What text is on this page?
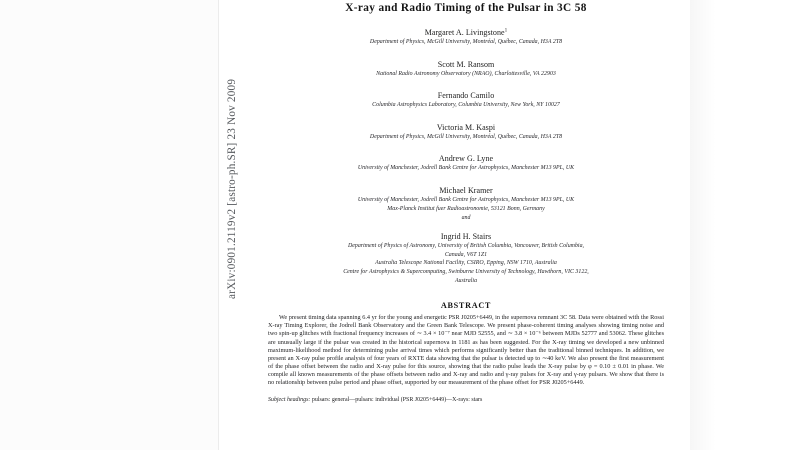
arXiv:0901.2119v2 [astro-ph.SR] 23 Nov 2009
X-ray and Radio Timing of the Pulsar in 3C 58
Margaret A. Livingstone$^1$
Department of Physics, McGill University, Montréal, Québec, Canada, H3A 2T8
Scott M. Ransom
National Radio Astronomy Observatory (NRAO), Charlottesville, VA 22903
Fernando Camilo
Columbia Astrophysics Laboratory, Columbia University, New York, NY 10027
Victoria M. Kaspi
Department of Physics, McGill University, Montréal, Québec, Canada, H3A 2T8
Andrew G. Lyne
University of Manchester, Jodrell Bank Centre for Astrophysics, Manchester M13 9PL, UK
Michael Kramer
University of Manchester, Jodrell Bank Centre for Astrophysics, Manchester M13 9PL, UK
Max-Planck Institut fuer Radioastronomie, 53121 Bonn, Germany
and
Ingrid H. Stairs
Department of Physics of Astronomy, University of British Columbia, Vancouver, British Columbia,
Canada, V6T 1Z1
Australia Telescope National Facility, CSIRO, Epping, NSW 1710, Australia
Centre for Astrophysics & Supercomputing, Swinburne University of Technology, Hawthorn, VIC 3122,
Australia
ABSTRACT
We present timing data spanning 6.4 yr for the young and energetic PSR J0205+6449, in the supernova remnant 3C 58. Data were obtained with the Rossi X-ray Timing Explorer, the Jodrell Bank Observatory and the Green Bank Telescope. We present phase-coherent timing analyses showing timing noise and two spin-up glitches with fractional frequency increases of ∼ 3.4 × 10⁻⁷ near MJD 52555, and ∼ 3.8 × 10⁻⁶ between MJDs 52777 and 53062. These glitches are unusually large if the pulsar was created in the historical supernova in 1181 as has been suggested. For the X-ray timing we developed a new unbinned maximum-likelihood method for determining pulse arrival times which performs significantly better than the traditional binned techniques. In addition, we present an X-ray pulse profile analysis of four years of RXTE data showing that the pulsar is detected up to ∼40 keV. We also present the first measurement of the phase offset between the radio and X-ray pulse for this source, showing that the radio pulse leads the X-ray pulse by φ = 0.10 ± 0.01 in phase. We compile all known measurements of the phase offsets between radio and X-ray and radio and γ-ray pulses for X-ray and γ-ray pulsars. We show that there is no relationship between pulse period and phase offset, supported by our measurement of the phase offset for PSR J0205+6449.
Subject headings: pulsars: general—pulsars: individual (PSR J0205+6449)—X-rays: stars
